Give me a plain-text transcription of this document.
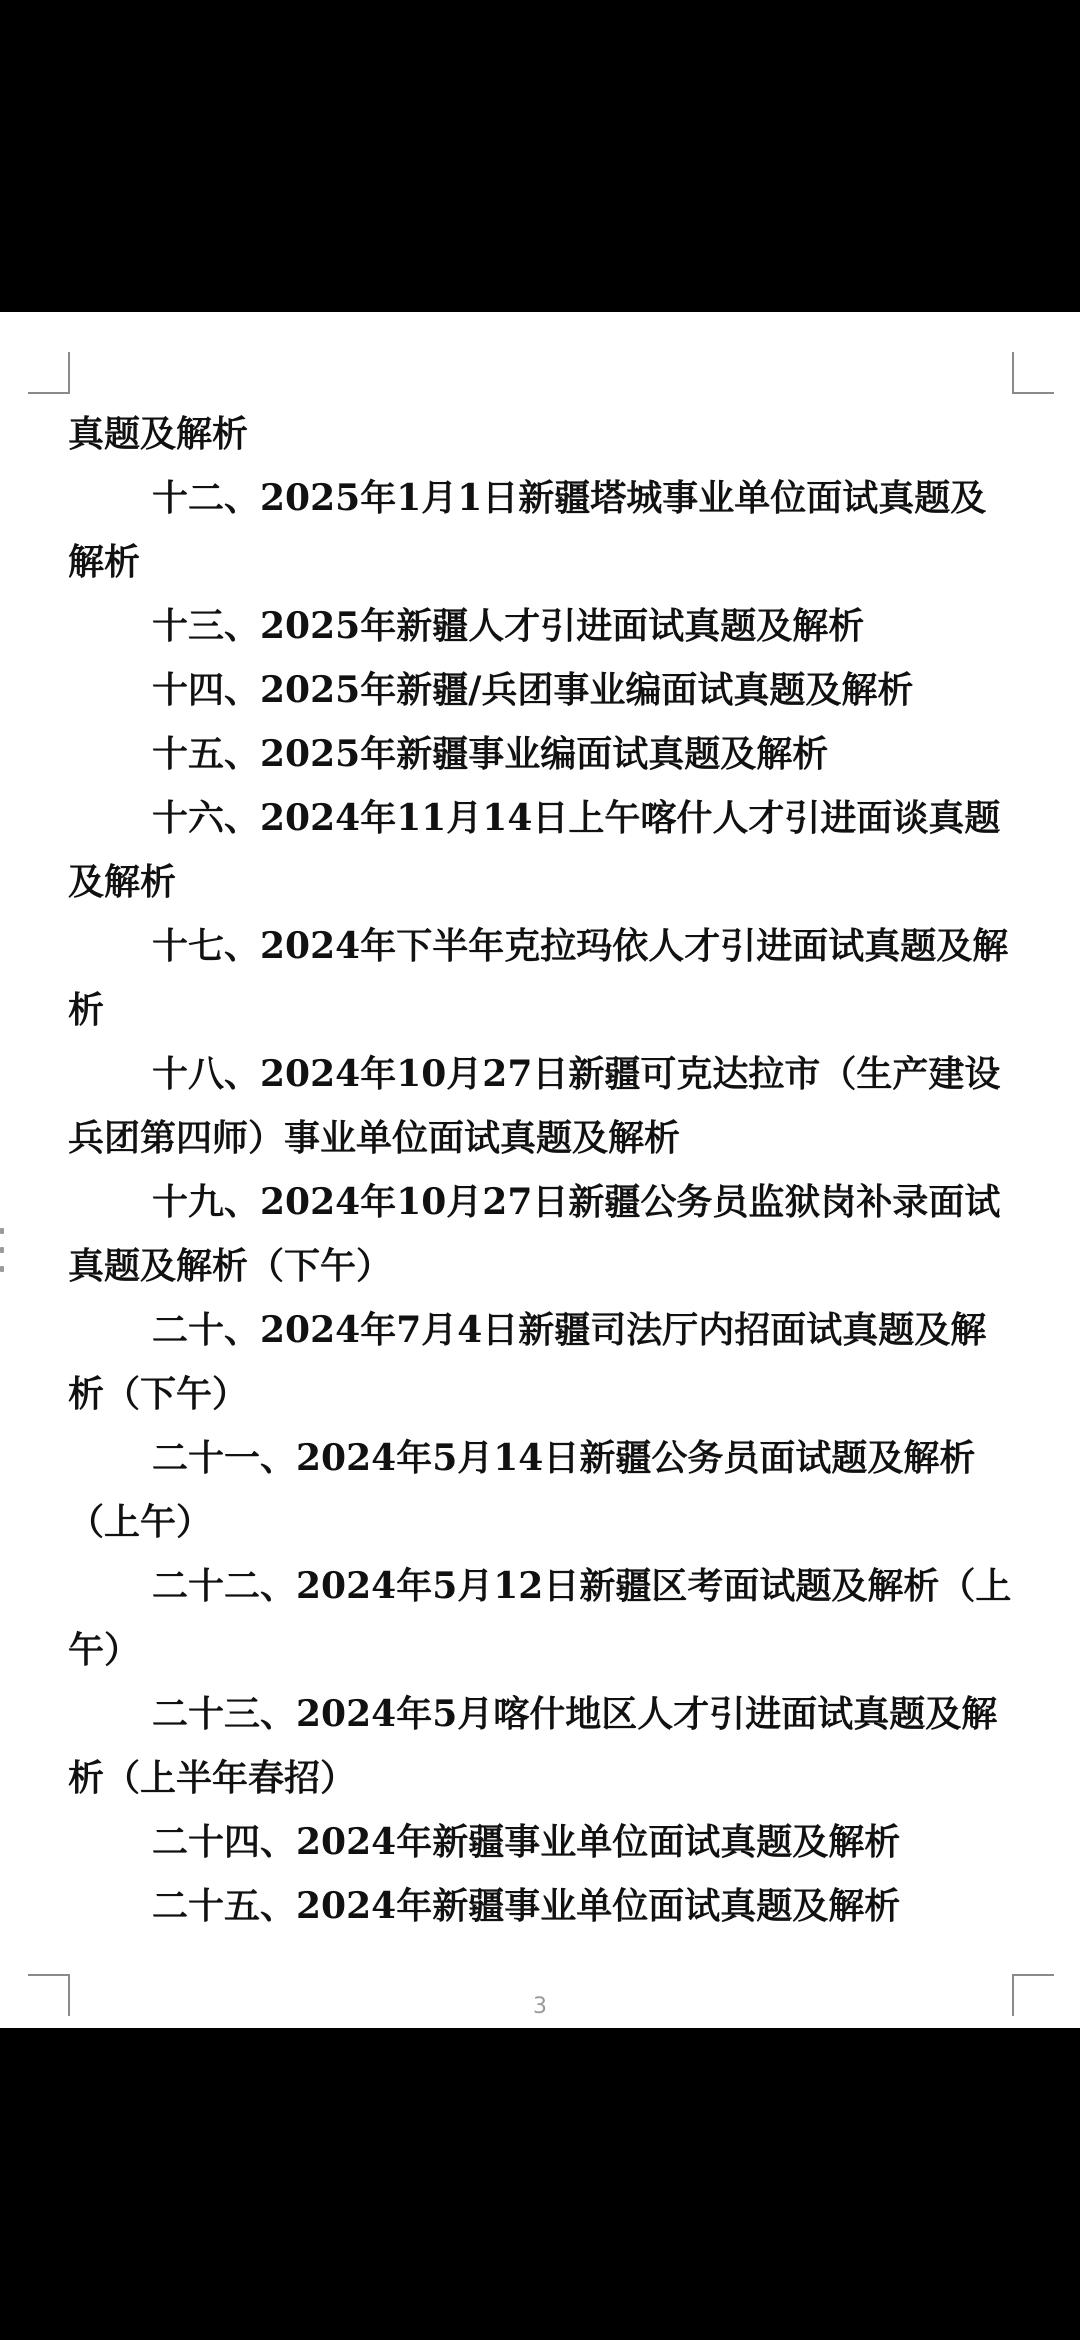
真题及解析
十二、2025年1月1日新疆塔城事业单位面试真题及解析
十三、2025年新疆人才引进面试真题及解析
十四、2025年新疆/兵团事业编面试真题及解析
十五、2025年新疆事业编面试真题及解析
十六、2024年11月14日上午喀什人才引进面谈真题及解析
十七、2024年下半年克拉玛依人才引进面试真题及解析
十八、2024年10月27日新疆可克达拉市（生产建设兵团第四师）事业单位面试真题及解析
十九、2024年10月27日新疆公务员监狱岗补录面试真题及解析（下午）
二十、2024年7月4日新疆司法厅内招面试真题及解析（下午）
二十一、2024年5月14日新疆公务员面试题及解析（上午）
二十二、2024年5月12日新疆区考面试题及解析（上午）
二十三、2024年5月喀什地区人才引进面试真题及解析（上半年春招）
二十四、2024年新疆事业单位面试真题及解析
二十五、2024年新疆事业单位面试真题及解析
3
